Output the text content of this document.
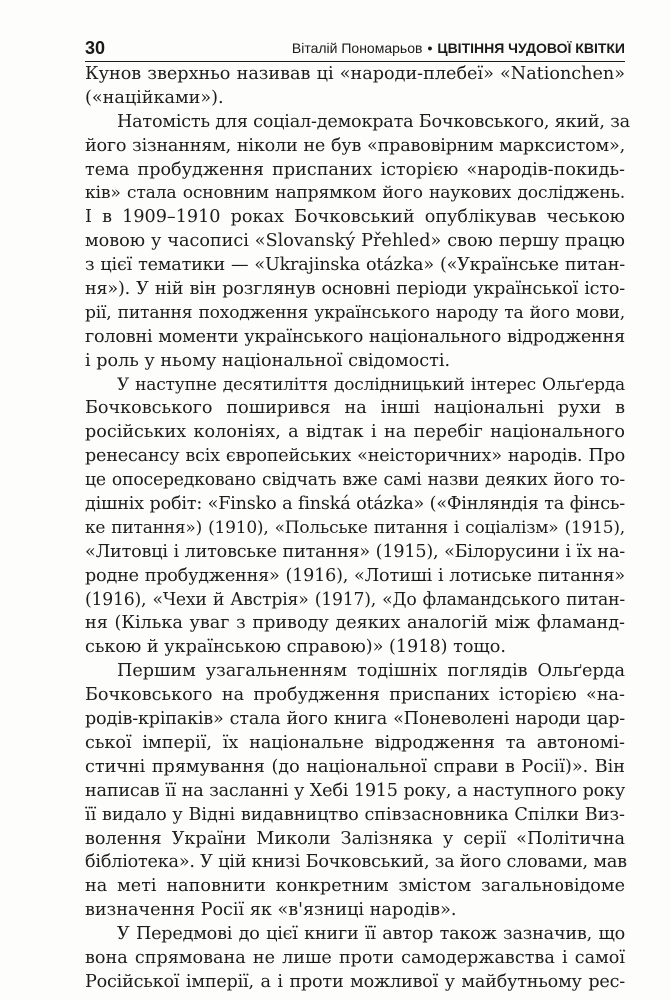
30	Віталій Пономарьов • ЦВІТІННЯ ЧУДОВОЇ КВІТКИ
Кунов зверхньо називав ці «народи-плебеї» «Nationchen»
(«наційками»).
Натомість для соціал-демократа Бочковського, який, за
його зізнанням, ніколи не був «правовірним марксистом»,
тема пробудження приспаних історією «народів-покидь-
ків» стала основним напрямком його наукових досліджень.
І в 1909–1910 роках Бочковський опублікував чеською
мовою у часописі «Slovanský Přehled» свою першу працю
з цієї тематики — «Ukrajinska otázka» («Українське питан-
ня»). У ній він розглянув основні періоди української істо-
рії, питання походження українського народу та його мови,
головні моменти українського національного відродження
і роль у ньому національної свідомості.
У наступне десятиліття дослідницький інтерес Ольґерда
Бочковського поширився на інші національні рухи в
російських колоніях, а відтак і на перебіг національного
ренесансу всіх європейських «неісторичних» народів. Про
це опосередковано свідчать вже самі назви деяких його то-
дішніх робіт: «Finsko a finská otázka» («Фінляндія та фінсь-
ке питання») (1910), «Польське питання і соціалізм» (1915),
«Литовці і литовське питання» (1915), «Білорусини і їх на-
родне пробудження» (1916), «Лотиші і лотиське питання»
(1916), «Чехи й Австрія» (1917), «До фламандського питан-
ня (Кілька уваг з приводу деяких аналогій між фламанд-
ською й українською справою)» (1918) тощо.
Першим узагальненням тодішніх поглядів Ольґерда
Бочковського на пробудження приспаних історією «на-
родів-кріпаків» стала його книга «Поневолені народи цар-
ської імперії, їх національне відродження та автономі-
стичні прямування (до національної справи в Росії)». Він
написав її на засланні у Хебі 1915 року, а наступного року
її видало у Відні видавництво співзасновника Спілки Виз-
волення України Миколи Залізняка у серії «Політична
бібліотека». У цій книзі Бочковський, за його словами, мав
на меті наповнити конкретним змістом загальновідоме
визначення Росії як «в'язниці народів».
У Передмові до цієї книги її автор також зазначив, що
вона спрямована не лише проти самодержавства і самої
Російської імперії, а і проти можливої у майбутньому рес-
